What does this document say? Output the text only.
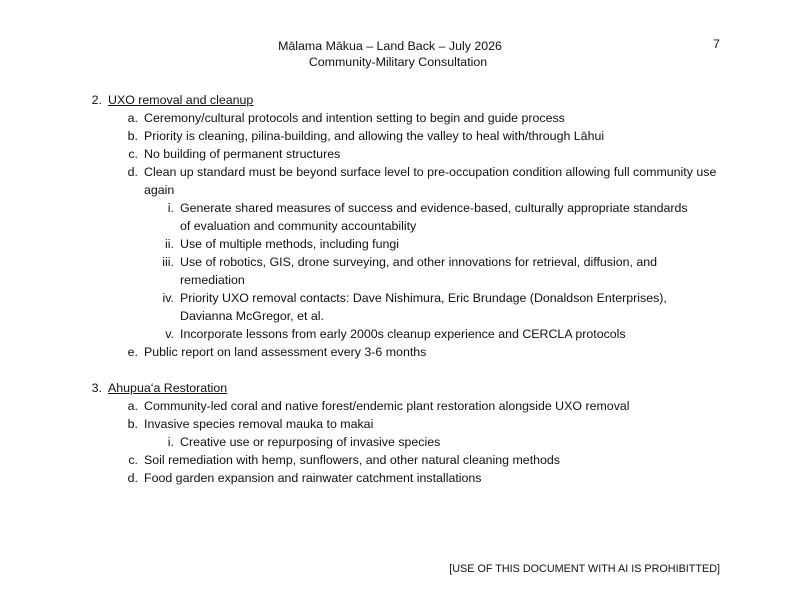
Mālama Mākua – Land Back – July 2026
Community-Military Consultation
7
2. UXO removal and cleanup
a. Ceremony/cultural protocols and intention setting to begin and guide process
b. Priority is cleaning, pilina-building, and allowing the valley to heal with/through Lāhui
c. No building of permanent structures
d. Clean up standard must be beyond surface level to pre-occupation condition allowing full community use again
i. Generate shared measures of success and evidence-based, culturally appropriate standards of evaluation and community accountability
ii. Use of multiple methods, including fungi
iii. Use of robotics, GIS, drone surveying, and other innovations for retrieval, diffusion, and remediation
iv. Priority UXO removal contacts: Dave Nishimura, Eric Brundage (Donaldson Enterprises), Davianna McGregor, et al.
v. Incorporate lessons from early 2000s cleanup experience and CERCLA protocols
e. Public report on land assessment every 3-6 months
3. Ahupuaʻa Restoration
a. Community-led coral and native forest/endemic plant restoration alongside UXO removal
b. Invasive species removal mauka to makai
i. Creative use or repurposing of invasive species
c. Soil remediation with hemp, sunflowers, and other natural cleaning methods
d. Food garden expansion and rainwater catchment installations
[USE OF THIS DOCUMENT WITH AI IS PROHIBITTED]
